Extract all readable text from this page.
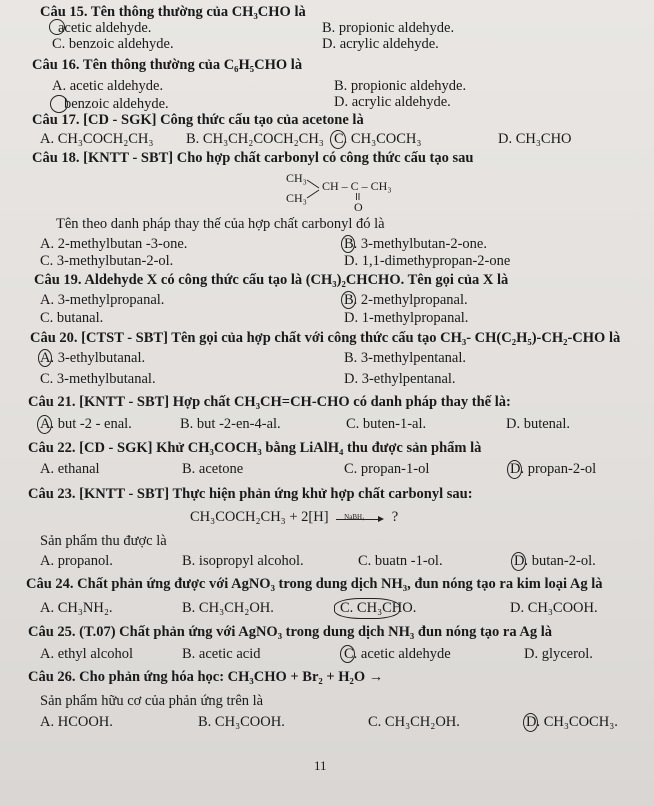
Câu 15. Tên thông thường của CH₃CHO là
acetic aldehyde.	B. propionic aldehyde.
C. benzoic aldehyde.	D. acrylic aldehyde.
Câu 16. Tên thông thường của C₆H₅CHO là
A. acetic aldehyde.	B. propionic aldehyde.
benzoic aldehyde.	D. acrylic aldehyde.
Câu 17. [CD - SGK] Công thức cấu tạo của acetone là
A. CH₃COCH₂CH₃ B. CH₃CH₂COCH₂CH₃ C. CH₃COCH₃	D. CH₃CHO
Câu 18. [KNTT - SBT] Cho hợp chất carbonyl có công thức cấu tạo sau
CH₃
CH₃
CH – C – CH₃
O
Tên theo danh pháp thay thế của hợp chất carbonyl đó là
A. 2-methylbutan -3-one.	B. 3-methylbutan-2-one.
C. 3-methylbutan-2-ol.	D. 1,1-dimethypropan-2-one
Câu 19. Aldehyde X có công thức cấu tạo là (CH₃)₂CHCHO. Tên gọi của X là
A. 3-methylpropanal.	B. 2-methylpropanal.
C. butanal.	D. 1-methylpropanal.
Câu 20. [CTST - SBT] Tên gọi của hợp chất với công thức cấu tạo CH₃- CH(C₂H₅)-CH₂-CHO là
A. 3-ethylbutanal.	B. 3-methylpentanal.
C. 3-methylbutanal.	D. 3-ethylpentanal.
Câu 21. [KNTT - SBT] Hợp chất CH₃CH=CH-CHO có danh pháp thay thế là:
A. but -2 - enal.	B. but -2-en-4-al.	C. buten-1-al.	D. butenal.
Câu 22. [CD - SGK] Khử CH₃COCH₃ bằng LiAlH₄ thu được sản phẩm là
A. ethanal	B. acetone	C. propan-1-ol	D. propan-2-ol
Câu 23. [KNTT - SBT] Thực hiện phản ứng khử hợp chất carbonyl sau:
CH₃COCH₂CH₃ + 2[H] NaBH₄ ?
Sản phẩm thu được là
A. propanol.	B. isopropyl alcohol.	C. buatn -1-ol.	D. butan-2-ol.
Câu 24. Chất phản ứng được với AgNO₃ trong dung dịch NH₃, đun nóng tạo ra kim loại Ag là
A. CH₃NH₂.	B. CH₃CH₂OH.	C. CH₃CHO.	D. CH₃COOH.
Câu 25. (T.07) Chất phản ứng với AgNO₃ trong dung dịch NH₃ đun nóng tạo ra Ag là
A. ethyl alcohol	B. acetic acid	C. acetic aldehyde	D. glycerol.
Câu 26. Cho phản ứng hóa học: CH₃CHO + Br₂ + H₂O →
Sản phẩm hữu cơ của phản ứng trên là
A. HCOOH.	B. CH₃COOH.	C. CH₃CH₂OH.	D. CH₃COCH₃.
11
